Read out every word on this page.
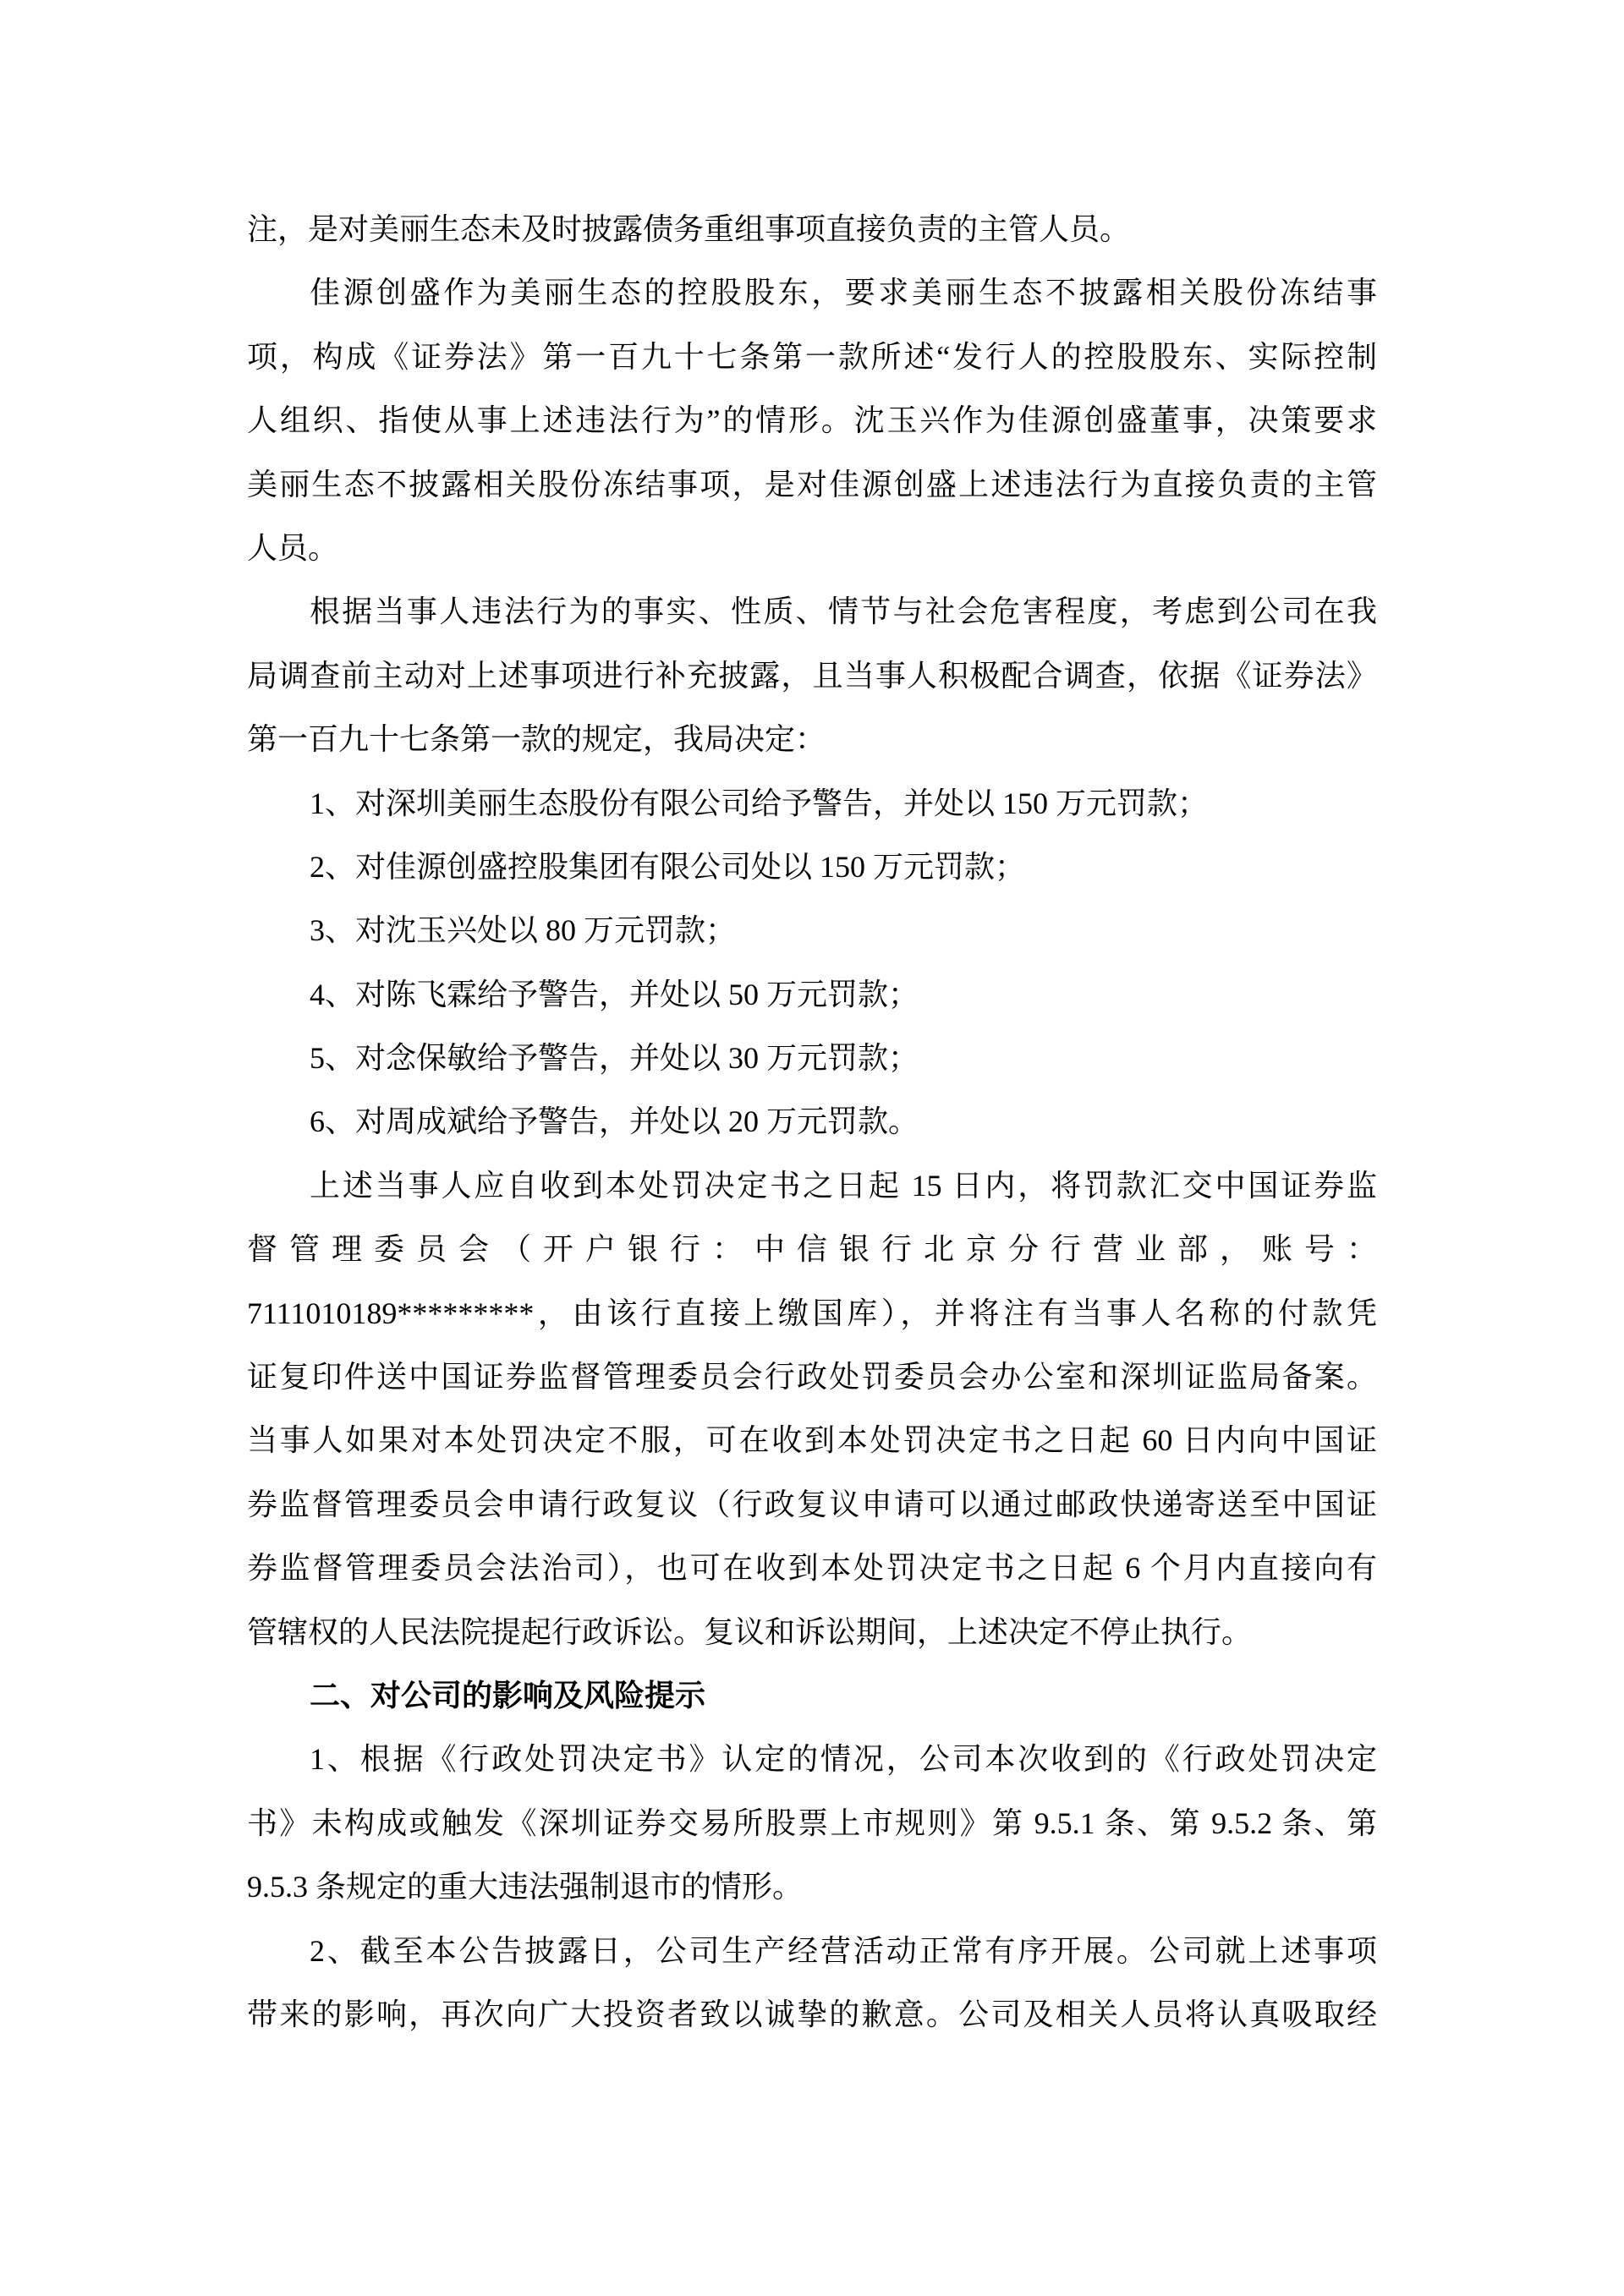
注，是对美丽生态未及时披露债务重组事项直接负责的主管人员。
佳源创盛作为美丽生态的控股股东，要求美丽生态不披露相关股份冻结事
项，构成《证券法》第一百九十七条第一款所述“发行人的控股股东、实际控制
人组织、指使从事上述违法行为”的情形。沈玉兴作为佳源创盛董事，决策要求
美丽生态不披露相关股份冻结事项，是对佳源创盛上述违法行为直接负责的主管
人员。
根据当事人违法行为的事实、性质、情节与社会危害程度，考虑到公司在我
局调查前主动对上述事项进行补充披露，且当事人积极配合调查，依据《证券法》
第一百九十七条第一款的规定，我局决定：
1、对深圳美丽生态股份有限公司给予警告，并处以 150 万元罚款；
2、对佳源创盛控股集团有限公司处以 150 万元罚款；
3、对沈玉兴处以 80 万元罚款；
4、对陈飞霖给予警告，并处以 50 万元罚款；
5、对念保敏给予警告，并处以 30 万元罚款；
6、对周成斌给予警告，并处以 20 万元罚款。
上述当事人应自收到本处罚决定书之日起 15 日内，将罚款汇交中国证券监
督 管 理 委 员 会 （ 开 户 银 行 ： 中 信 银 行 北 京 分 行 营 业 部 ， 账 号 ：
7111010189*********，由该行直接上缴国库），并将注有当事人名称的付款凭
证复印件送中国证券监督管理委员会行政处罚委员会办公室和深圳证监局备案。
当事人如果对本处罚决定不服，可在收到本处罚决定书之日起 60 日内向中国证
券监督管理委员会申请行政复议（行政复议申请可以通过邮政快递寄送至中国证
券监督管理委员会法治司），也可在收到本处罚决定书之日起 6 个月内直接向有
管辖权的人民法院提起行政诉讼。复议和诉讼期间，上述决定不停止执行。
二、对公司的影响及风险提示
1、根据《行政处罚决定书》认定的情况，公司本次收到的《行政处罚决定
书》未构成或触发《深圳证券交易所股票上市规则》第 9.5.1 条、第 9.5.2 条、第
9.5.3 条规定的重大违法强制退市的情形。
2、截至本公告披露日，公司生产经营活动正常有序开展。公司就上述事项
带来的影响，再次向广大投资者致以诚挚的歉意。公司及相关人员将认真吸取经
